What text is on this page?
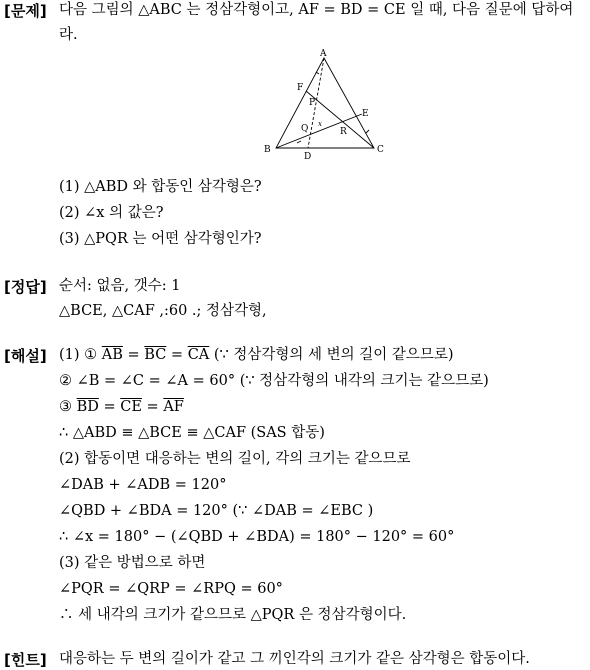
[문제] 다음 그림의 △ABC 는 정삼각형이고, AF = BD = CE 일 때, 다음 질문에 답하여
라.
A
B	C
D
E
F
P
Q	R
x
(1) △ABD 와 합동인 삼각형은?
(2) ∠x 의 값은?
(3) △PQR 는 어떤 삼각형인가?
[정답] 순서: 없음, 갯수: 1
△BCE, △CAF ,:60 .; 정삼각형,
[해설] (1) ① $\overline{AB} = \overline{BC} = \overline{CA}$ (∵ 정삼각형의 세 변의 길이 같으므로)
② ∠B = ∠C = ∠A = 60° (∵ 정삼각형의 내각의 크기는 같으므로)
③ $\overline{BD} = \overline{CE} = \overline{AF}$
∴ △ABD ≡ △BCE ≡ △CAF (SAS 합동)
(2) 합동이면 대응하는 변의 길이, 각의 크기는 같으므로
∠DAB + ∠ADB = 120°
∠QBD + ∠BDA = 120° (∵ ∠DAB = ∠EBC )
∴ ∠x = 180° − (∠QBD + ∠BDA) = 180° − 120° = 60°
(3) 같은 방법으로 하면
∠PQR = ∠QRP = ∠RPQ = 60°
∴ 세 내각의 크기가 같으므로 △PQR 은 정삼각형이다.
[힌트] 대응하는 두 변의 길이가 같고 그 끼인각의 크기가 같은 삼각형은 합동이다.
